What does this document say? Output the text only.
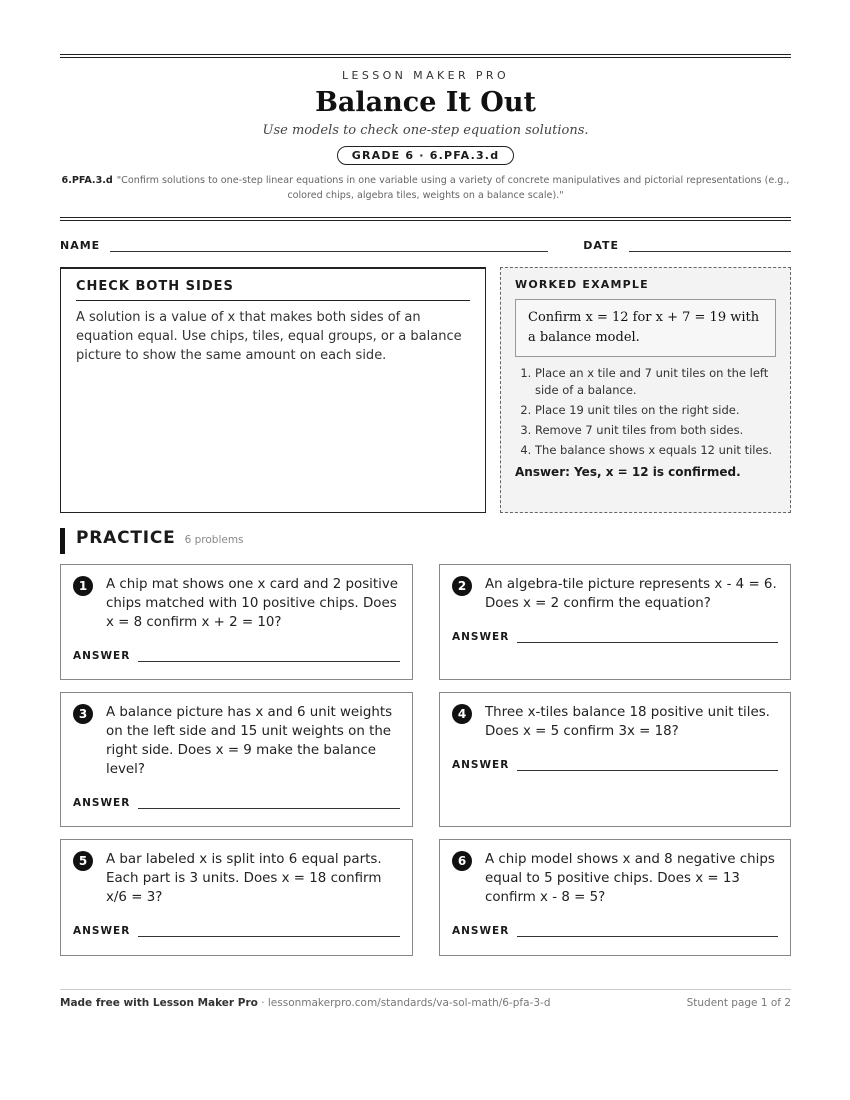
LESSON MAKER PRO
Balance It Out
Use models to check one-step equation solutions.
GRADE 6 · 6.PFA.3.d
6.PFA.3.d "Confirm solutions to one-step linear equations in one variable using a variety of concrete manipulatives and pictorial representations (e.g., colored chips, algebra tiles, weights on a balance scale)."
NAME	DATE
CHECK BOTH SIDES
A solution is a value of x that makes both sides of an equation equal. Use chips, tiles, equal groups, or a balance picture to show the same amount on each side.
WORKED EXAMPLE
Confirm x = 12 for x + 7 = 19 with a balance model.
1. Place an x tile and 7 unit tiles on the left side of a balance.
2. Place 19 unit tiles on the right side.
3. Remove 7 unit tiles from both sides.
4. The balance shows x equals 12 unit tiles.
Answer: Yes, x = 12 is confirmed.
PRACTICE 6 problems
1	A chip mat shows one x card and 2 positive chips matched with 10 positive chips. Does x = 8 confirm x + 2 = 10?
ANSWER
2	An algebra-tile picture represents x - 4 = 6. Does x = 2 confirm the equation?
ANSWER
3	A balance picture has x and 6 unit weights on the left side and 15 unit weights on the right side. Does x = 9 make the balance level?
ANSWER
4	Three x-tiles balance 18 positive unit tiles. Does x = 5 confirm 3x = 18?
ANSWER
5	A bar labeled x is split into 6 equal parts. Each part is 3 units. Does x = 18 confirm x/6 = 3?
ANSWER
6	A chip model shows x and 8 negative chips equal to 5 positive chips. Does x = 13 confirm x - 8 = 5?
ANSWER
Made free with Lesson Maker Pro · lessonmakerpro.com/standards/va-sol-math/6-pfa-3-d	Student page 1 of 2
